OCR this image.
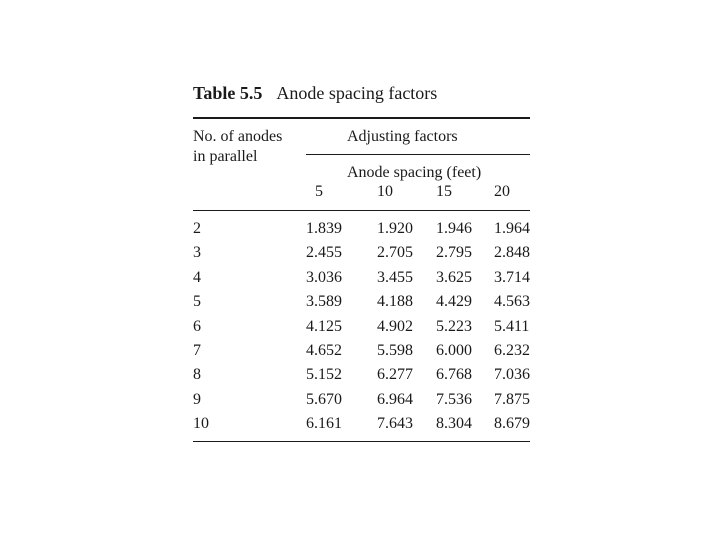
Table 5.5 Anode spacing factors
No. of anodes
in parallel
Adjusting factors
Anode spacing (feet)
5	10	15	20
2	1.839 1.920 1.946 1.964
3	2.455 2.705 2.795 2.848
4	3.036 3.455 3.625 3.714
5	3.589 4.188 4.429 4.563
6	4.125 4.902 5.223 5.411
7	4.652 5.598 6.000 6.232
8	5.152 6.277 6.768 7.036
9	5.670 6.964 7.536 7.875
10	6.161 7.643 8.304 8.679
